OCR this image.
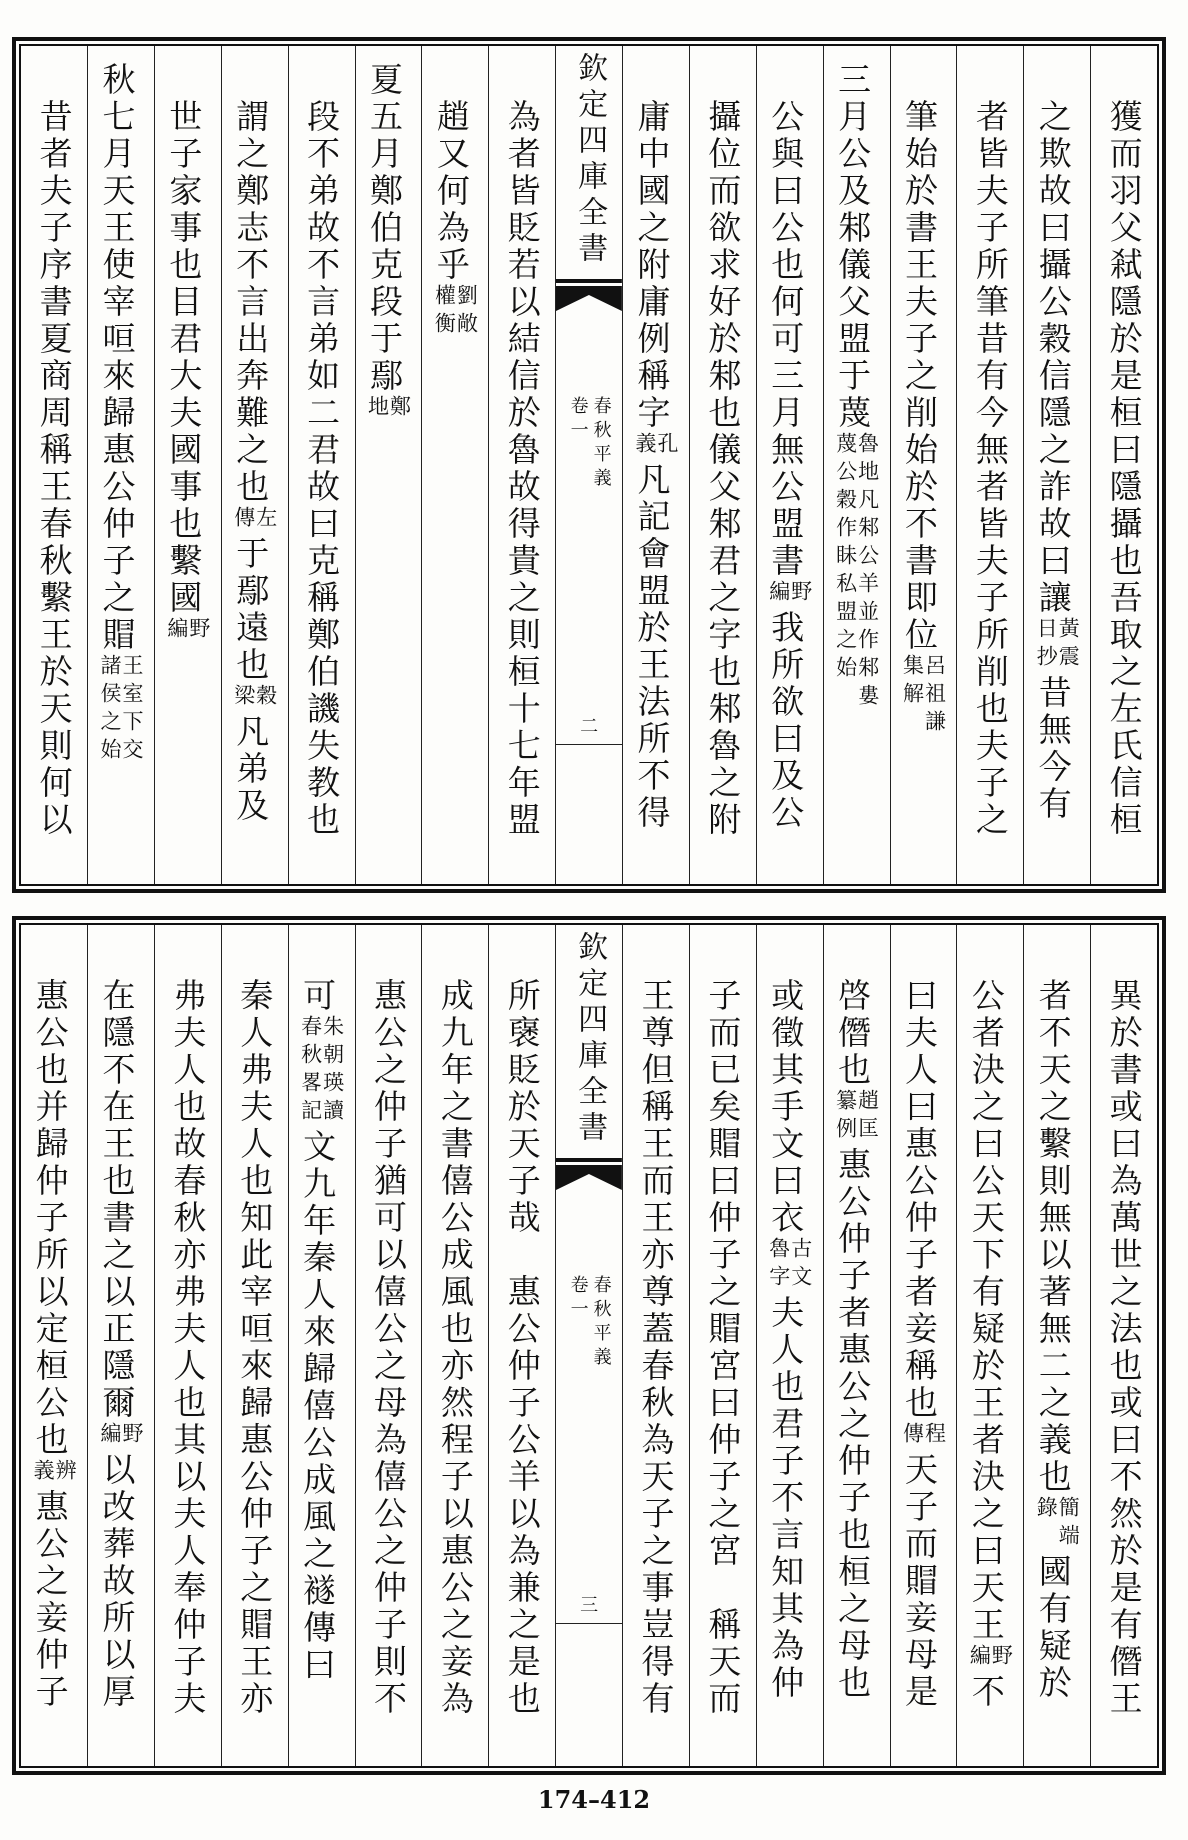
獲而羽父弒隱於是桓曰隱攝也吾取之左氏信桓
之欺故曰攝公穀信隱之詐故曰讓黃震日抄昔無今有
者皆夫子所筆昔有今無者皆夫子所削也夫子之
筆始於書王夫子之削始於不書即位呂祖謙集解
三月公及邾儀父盟于蔑魯地凡邾公羊並作邾婁蔑公穀作眛私盟之始
公與曰公也何可三月無公盟書野編我所欲曰及公
攝位而欲求好於邾也儀父邾君之字也邾魯之附
庸中國之附庸例稱字孔義凡記會盟於王法所不得
欽定四庫全書
春秋平義
卷一
二
為者皆貶若以結信於魯故得貴之則桓十七年盟
趙又何為乎劉敞權衡
夏五月鄭伯克段于鄢鄭地
段不弟故不言弟如二君故曰克稱鄭伯譏失教也
謂之鄭志不言出奔難之也左傳于鄢遠也穀梁凡弟及
世子家事也目君大夫國事也繫國野編
秋七月天王使宰咺來歸惠公仲子之賵王室下交諸侯之始
昔者夫子序書夏商周稱王春秋繫王於天則何以
異於書或曰為萬世之法也或曰不然於是有僭王
者不天之繫則無以著無二之義也簡端錄國有疑於
公者決之曰公天下有疑於王者決之曰天王野編不
曰夫人曰惠公仲子者妾稱也程傳天子而賵妾母是
啓僭也趙匡纂例惠公仲子者惠公之仲子也桓之母也
或徵其手文曰衣古文魯字夫人也君子不言知其為仲
子而已矣賵曰仲子之賵宮曰仲子之宮稱天而
王尊但稱王而王亦尊蓋春秋為天子之事豈得有
欽定四庫全書
春秋平義
卷一
三
所襃貶於天子哉惠公仲子公羊以為兼之是也
成九年之書僖公成風也亦然程子以惠公之妾為
惠公之仲子猶可以僖公之母為僖公之仲子則不
可朱朝瑛讀春秋畧記文九年秦人來歸僖公成風之襚傳曰
秦人弗夫人也知此宰咺來歸惠公仲子之賵王亦
弗夫人也故春秋亦弗夫人也其以夫人奉仲子夫
在隱不在王也書之以正隱爾野編以改葬故所以厚
惠公也并歸仲子所以定桓公也辨義惠公之妾仲子
174–412
